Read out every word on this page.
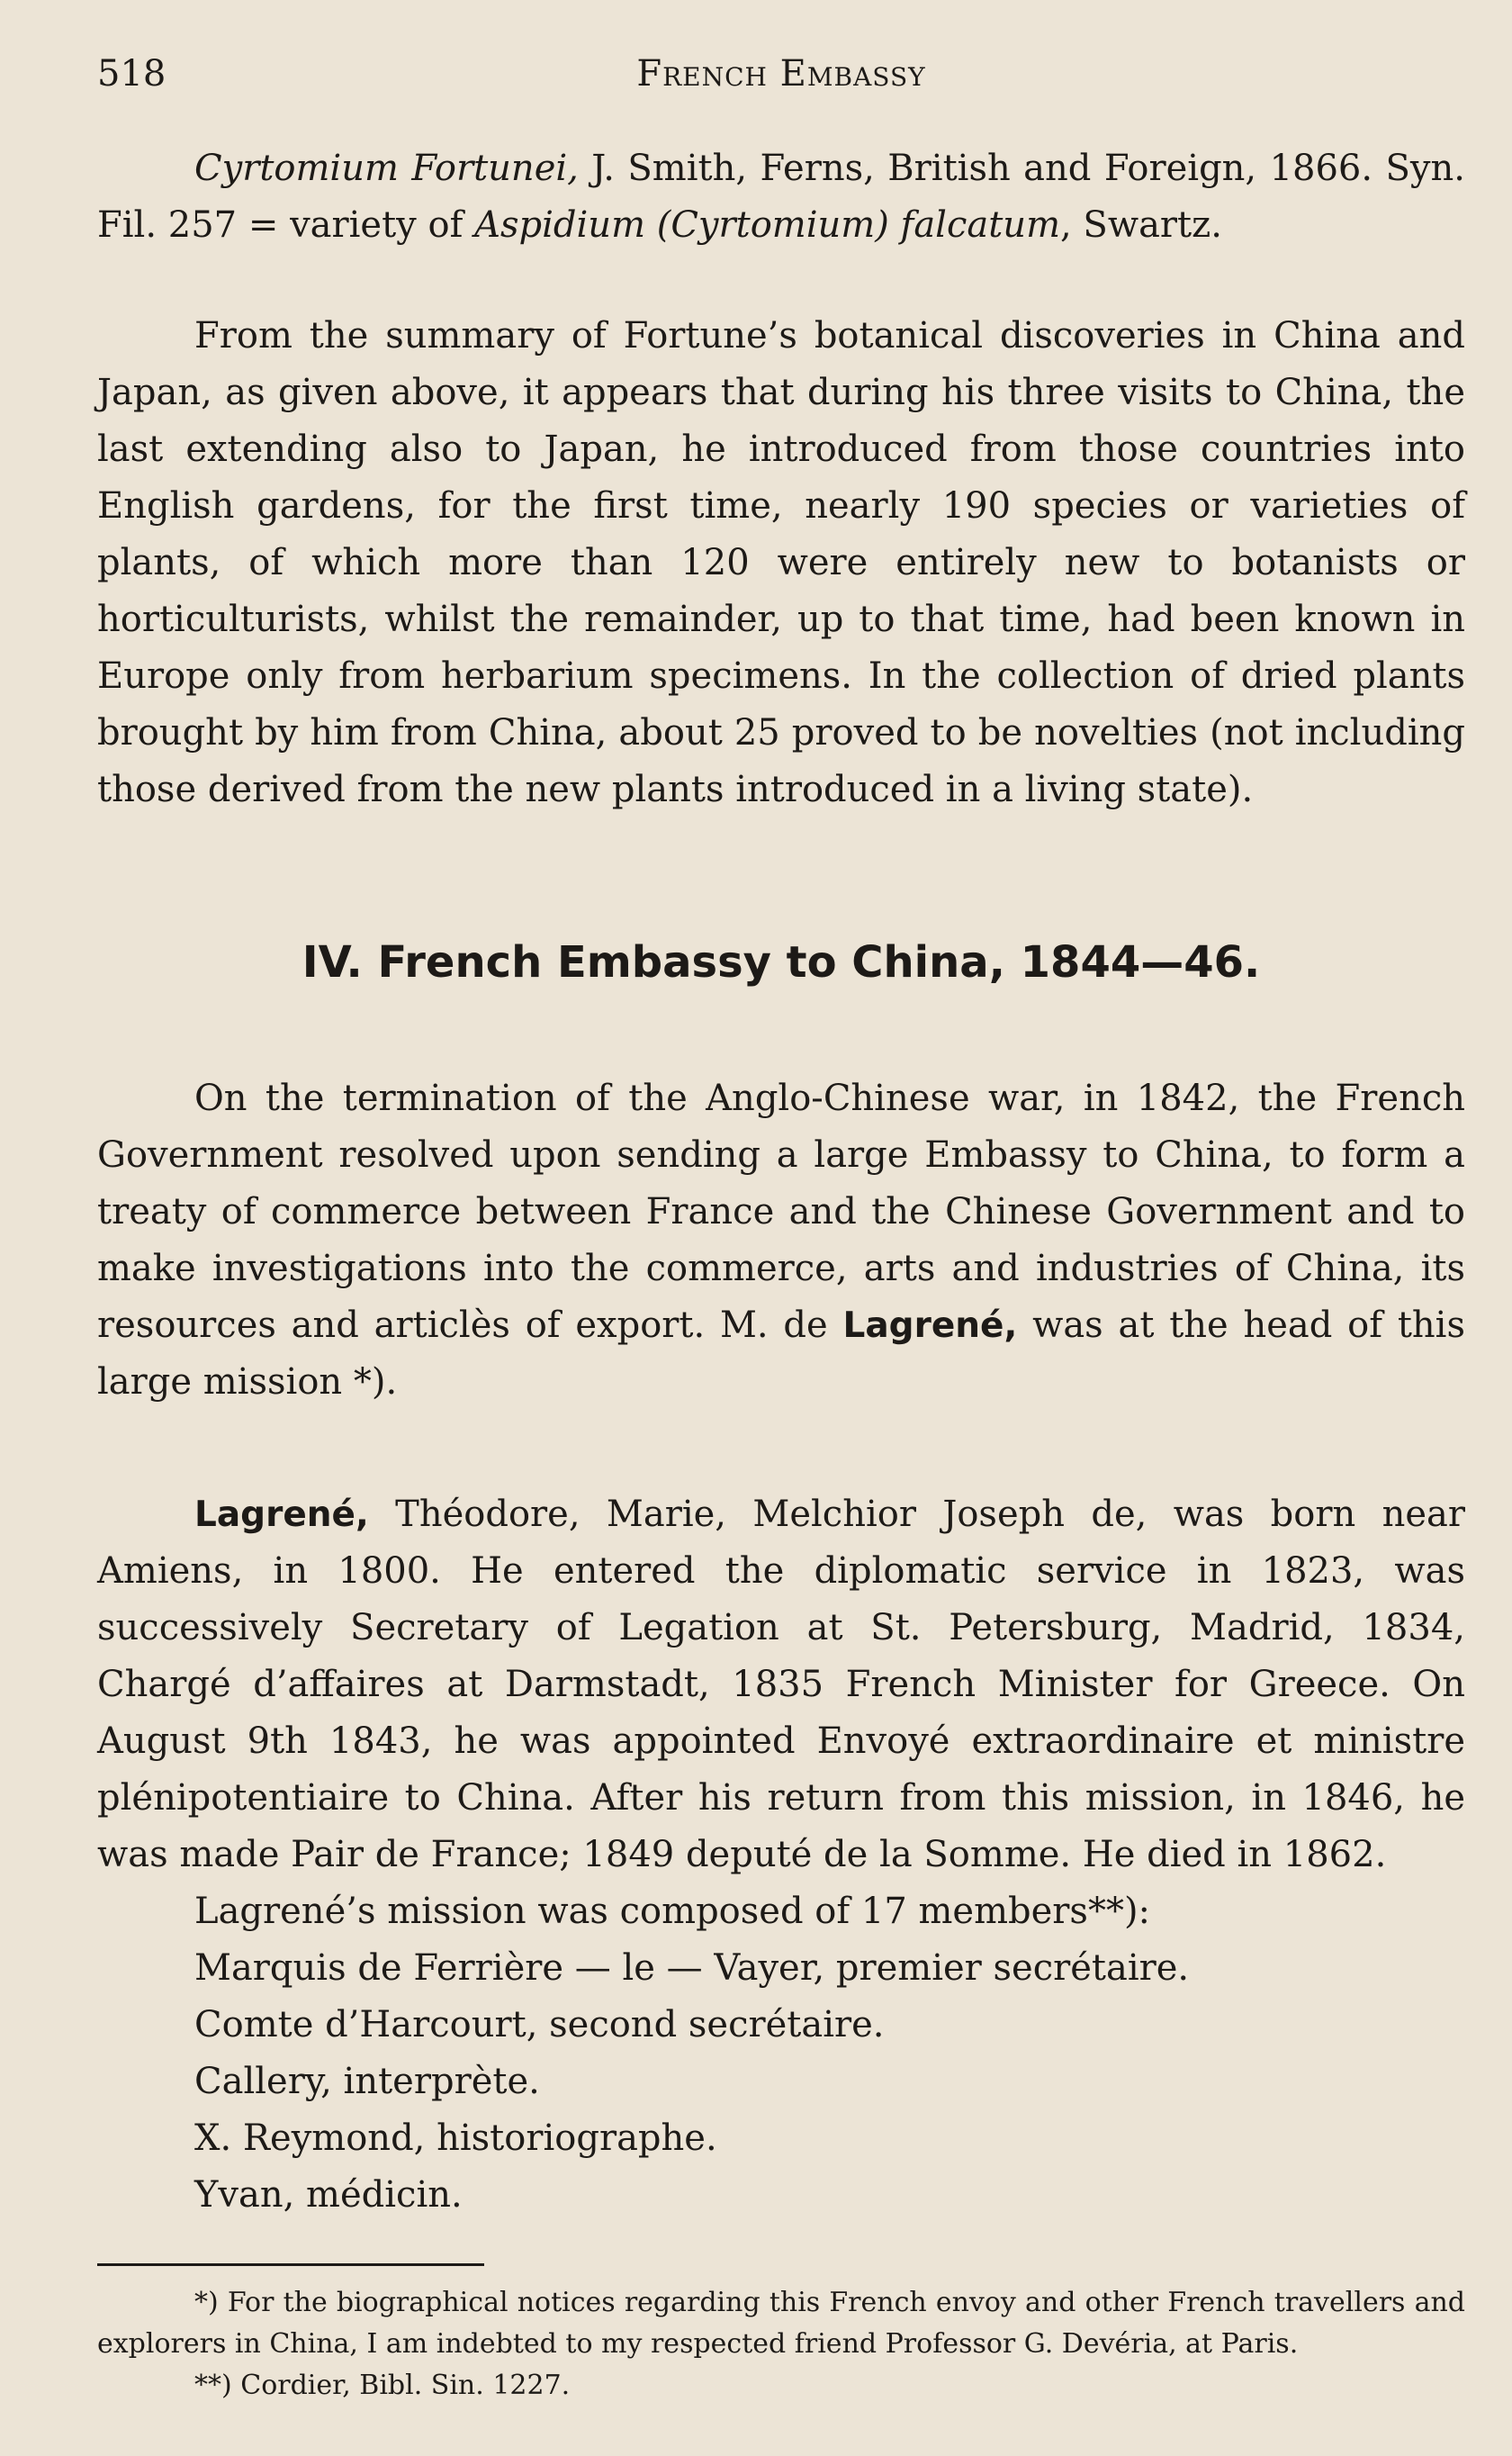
518	French Embassy

Cyrtomium Fortunei, J. Smith, Ferns, British and Foreign, 1866. Syn. Fil. 257 = variety of Aspidium (Cyrtomium) falcatum, Swartz.

From the summary of Fortune’s botanical discoveries in China and Japan, as given above, it appears that during his three visits to China, the last extending also to Japan, he introduced from those countries into English gardens, for the first time, nearly 190 species or varieties of plants, of which more than 120 were entirely new to botanists or horticulturists, whilst the remainder, up to that time, had been known in Europe only from herbarium specimens. In the collection of dried plants brought by him from China, about 25 proved to be novelties (not including those derived from the new plants introduced in a living state).

IV. French Embassy to China, 1844—46.

On the termination of the Anglo-Chinese war, in 1842, the French Government resolved upon sending a large Embassy to China, to form a treaty of commerce between France and the Chinese Government and to make investigations into the commerce, arts and industries of China, its resources and articlès of export. M. de Lagrené, was at the head of this large mission *).

Lagrené, Théodore, Marie, Melchior Joseph de, was born near Amiens, in 1800. He entered the diplomatic service in 1823, was successively Secretary of Legation at St. Petersburg, Madrid, 1834, Chargé d’affaires at Darmstadt, 1835 French Minister for Greece. On August 9th 1843, he was appointed Envoyé extraordinaire et ministre plénipotentiaire to China. After his return from this mission, in 1846, he was made Pair de France; 1849 deputé de la Somme. He died in 1862.

Lagrené’s mission was composed of 17 members**):
Marquis de Ferrière — le — Vayer, premier secrétaire.
Comte d’Harcourt, second secrétaire.
Callery, interprète.
X. Reymond, historiographe.
Yvan, médicin.

*) For the biographical notices regarding this French envoy and other French travellers and explorers in China, I am indebted to my respected friend Professor G. Devéria, at Paris.

**) Cordier, Bibl. Sin. 1227.
